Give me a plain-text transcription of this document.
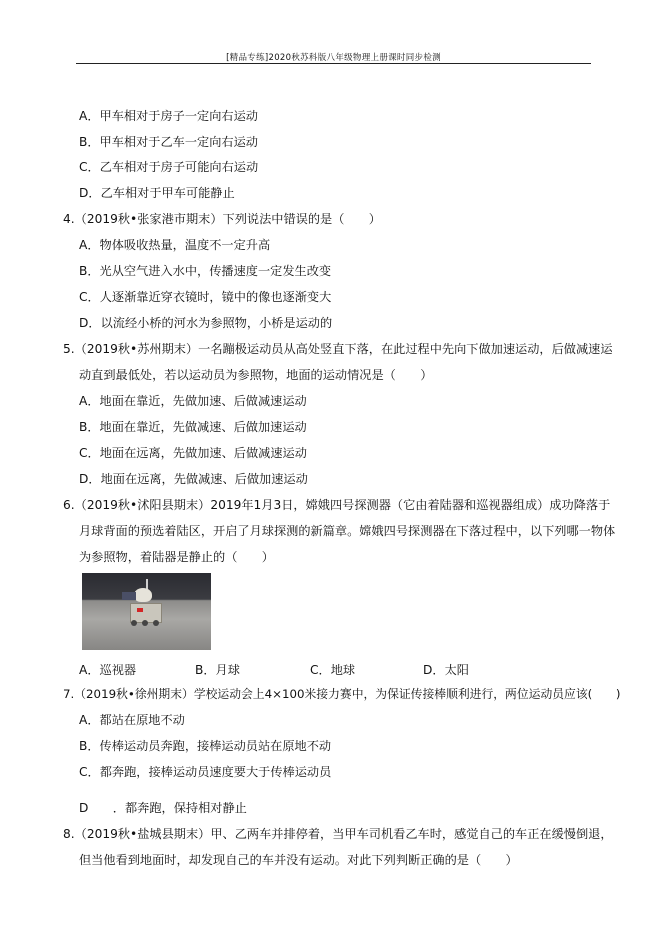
[精品专练]2020秋苏科版八年级物理上册课时同步检测
A．甲车相对于房子一定向右运动
B．甲车相对于乙车一定向右运动
C．乙车相对于房子可能向右运动
D．乙车相对于甲车可能静止
4.（2019秋•张家港市期末）下列说法中错误的是（　　）
A．物体吸收热量，温度不一定升高
B．光从空气进入水中，传播速度一定发生改变
C．人逐渐靠近穿衣镜时，镜中的像也逐渐变大
D．以流经小桥的河水为参照物，小桥是运动的
5.（2019秋•苏州期末）一名蹦极运动员从高处竖直下落，在此过程中先向下做加速运动，后做减速运
动直到最低处，若以运动员为参照物，地面的运动情况是（　　）
A．地面在靠近，先做加速、后做减速运动
B．地面在靠近，先做减速、后做加速运动
C．地面在远离，先做加速、后做减速运动
D．地面在远离，先做减速、后做加速运动
6.（2019秋•沭阳县期末）2019年1月3日，嫦娥四号探测器（它由着陆器和巡视器组成）成功降落于
月球背面的预选着陆区，开启了月球探测的新篇章。嫦娥四号探测器在下落过程中，以下列哪一物体
为参照物，着陆器是静止的（　　）
A．巡视器	B．月球	C．地球	D．太阳
7.（2019秋•徐州期末）学校运动会上4×100米接力赛中，为保证传接棒顺利进行，两位运动员应该(　　)
A．都站在原地不动
B．传棒运动员奔跑，接棒运动员站在原地不动
C．都奔跑，接棒运动员速度要大于传棒运动员
D　　．都奔跑，保持相对静止
8.（2019秋•盐城县期末）甲、乙两车并排停着，当甲车司机看乙车时，感觉自己的车正在缓慢倒退，
但当他看到地面时，却发现自己的车并没有运动。对此下列判断正确的是（　　）
